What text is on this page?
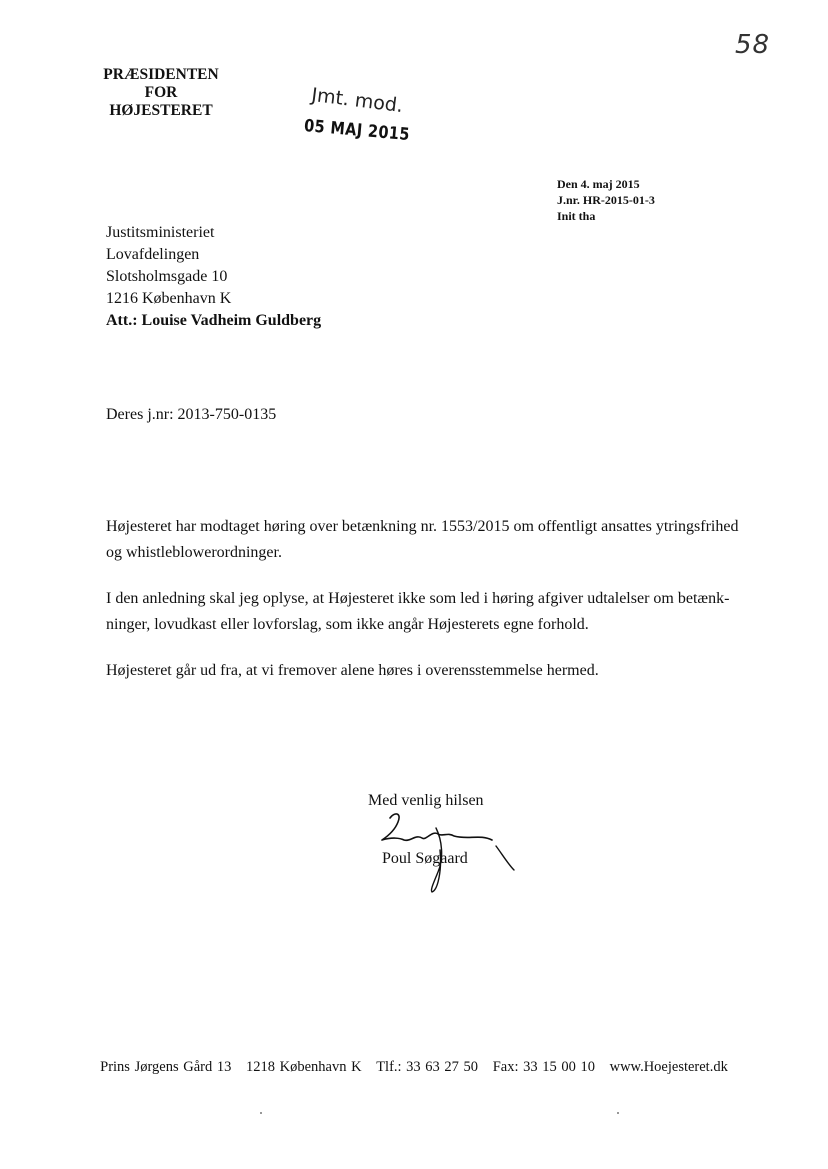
58
PRÆSIDENTEN
FOR
HØJESTERET	Jmt. mod.
05 MAJ 2015
Den 4. maj 2015
J.nr. HR-2015-01-3
Init tha
Justitsministeriet
Lovafdelingen
Slotsholmsgade 10
1216 København K
Att.: Louise Vadheim Guldberg
Deres j.nr: 2013-750-0135

Højesteret har modtaget høring over betænkning nr. 1553/2015 om offentligt ansattes ytringsfrihed og whistleblowerordninger.

I den anledning skal jeg oplyse, at Højesteret ikke som led i høring afgiver udtalelser om betænk-ninger, lovudkast eller lovforslag, som ikke angår Højesterets egne forhold.

Højesteret går ud fra, at vi fremover alene høres i overensstemmelse hermed.

Med venlig hilsen
Poul Søgaard
Prins Jørgens Gård 13 1218 København K Tlf.: 33 63 27 50 Fax: 33 15 00 10 www.Hoejesteret.dk
